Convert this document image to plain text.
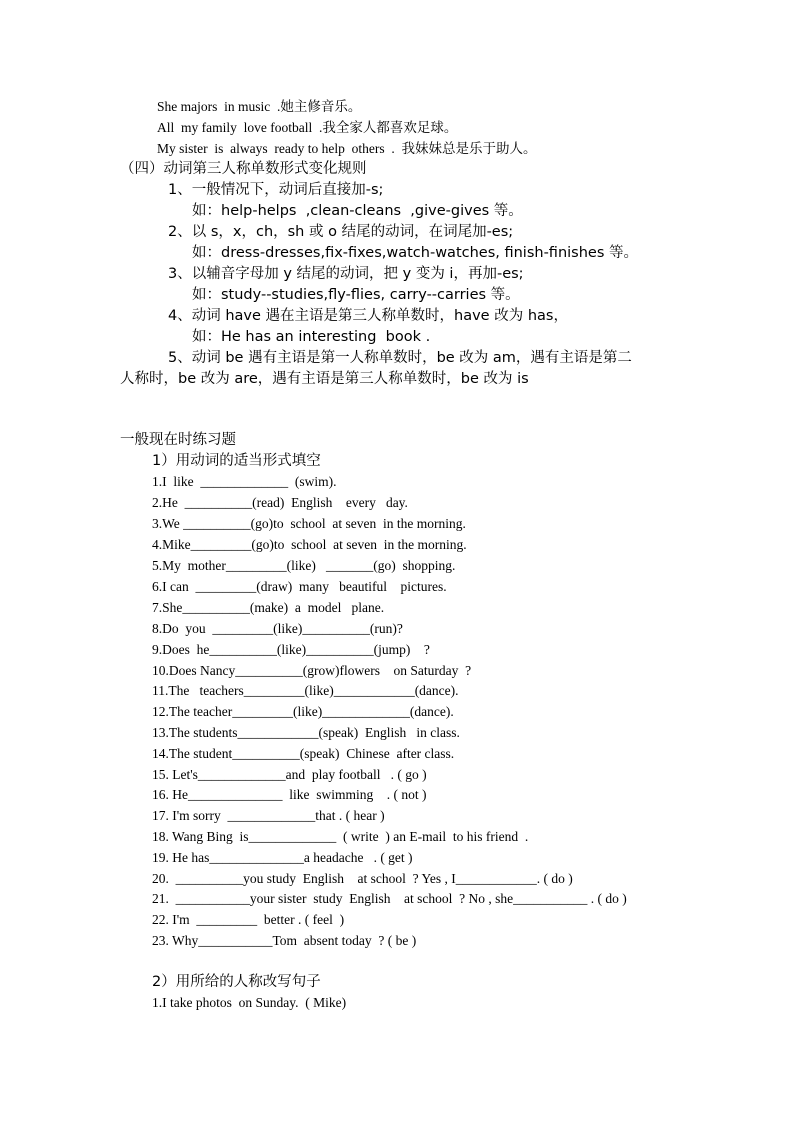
She majors  in music  .她主修音乐。
All  my family  love football  .我全家人都喜欢足球。
My sister  is  always  ready to help  others  .  我妹妹总是乐于助人。
（四）动词第三人称单数形式变化规则
1、一般情况下，动词后直接加-s;
如：help-helps  ,clean-cleans  ,give-gives 等。
2、以 s，x，ch，sh 或 o 结尾的动词，在词尾加-es;
如：dress-dresses,fix-fixes,watch-watches, finish-finishes 等。
3、以辅音字母加 y 结尾的动词，把 y 变为 i，再加-es;
如：study--studies,fly-flies, carry--carries 等。
4、动词 have 遇在主语是第三人称单数时，have 改为 has，
如：He has an interesting  book .
5、动词 be 遇有主语是第一人称单数时，be 改为 am，遇有主语是第二
人称时，be 改为 are，遇有主语是第三人称单数时，be 改为 is
一般现在时练习题
1）用动词的适当形式填空
1.I  like  _____________  (swim).
2.He  __________(read)  English    every   day.
3.We __________(go)to  school  at seven  in the morning.
4.Mike_________(go)to  school  at seven  in the morning.
5.My  mother_________(like)   _______(go)  shopping.
6.I can  _________(draw)  many   beautiful    pictures.
7.She__________(make)  a  model   plane.
8.Do  you  _________(like)__________(run)?
9.Does  he__________(like)__________(jump)    ?
10.Does Nancy__________(grow)flowers    on Saturday  ?
11.The   teachers_________(like)____________(dance).
12.The teacher_________(like)_____________(dance).
13.The students____________(speak)  English   in class.
14.The student__________(speak)  Chinese  after class.
15. Let's_____________and  play football   . ( go )
16. He______________  like  swimming    . ( not )
17. I'm sorry  _____________that . ( hear )
18. Wang Bing  is_____________  ( write  ) an E-mail  to his friend  .
19. He has______________a headache   . ( get )
20.  __________you study  English    at school  ? Yes , I____________. ( do )
21.  ___________your sister  study  English    at school  ? No , she___________ . ( do )
22. I'm  _________  better . ( feel  )
23. Why___________Tom  absent today  ? ( be )
2）用所给的人称改写句子
1.I take photos  on Sunday.  ( Mike)
